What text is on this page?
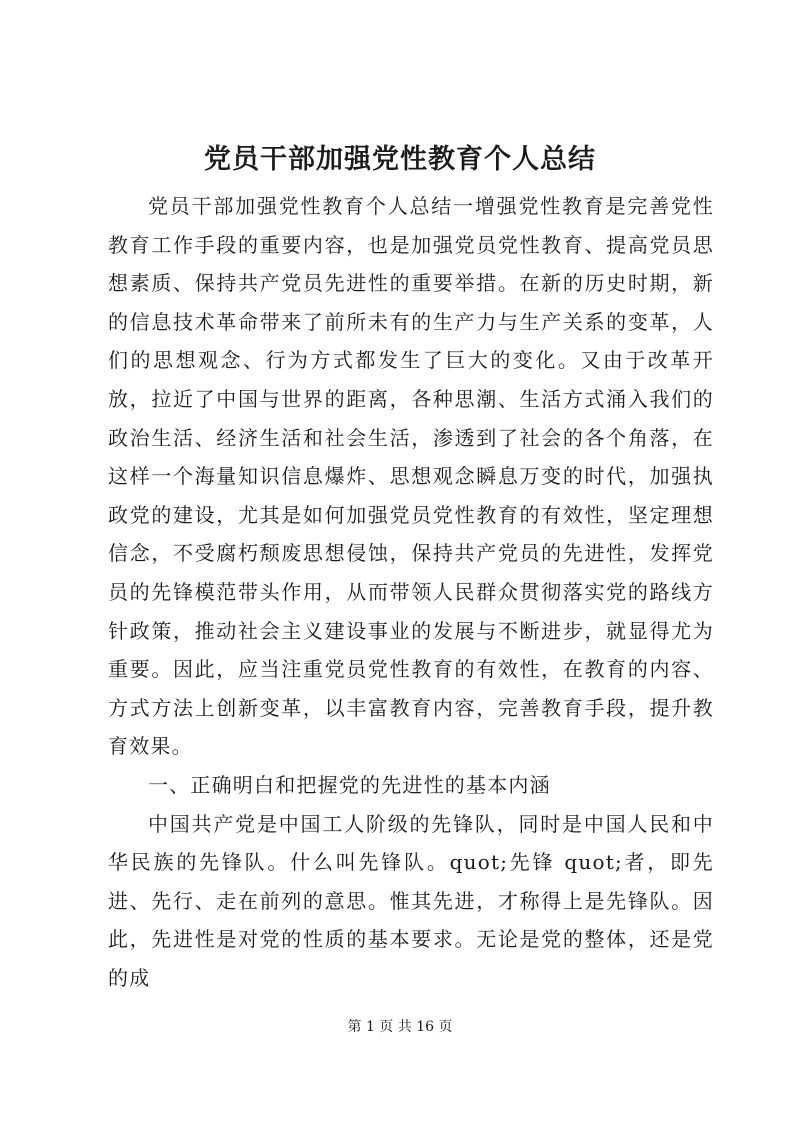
党员干部加强党性教育个人总结

党员干部加强党性教育个人总结一增强党性教育是完善党性教育工作手段的重要内容，也是加强党员党性教育、提高党员思想素质、保持共产党员先进性的重要举措。在新的历史时期，新的信息技术革命带来了前所未有的生产力与生产关系的变革，人们的思想观念、行为方式都发生了巨大的变化。又由于改革开放，拉近了中国与世界的距离，各种思潮、生活方式涌入我们的政治生活、经济生活和社会生活，渗透到了社会的各个角落，在这样一个海量知识信息爆炸、思想观念瞬息万变的时代，加强执政党的建设，尤其是如何加强党员党性教育的有效性，坚定理想信念，不受腐朽颓废思想侵蚀，保持共产党员的先进性，发挥党员的先锋模范带头作用，从而带领人民群众贯彻落实党的路线方针政策，推动社会主义建设事业的发展与不断进步，就显得尤为重要。因此，应当注重党员党性教育的有效性，在教育的内容、方式方法上创新变革，以丰富教育内容，完善教育手段，提升教育效果。

一、正确明白和把握党的先进性的基本内涵

中国共产党是中国工人阶级的先锋队，同时是中国人民和中华民族的先锋队。什么叫先锋队。quot;先锋 quot;者，即先进、先行、走在前列的意思。惟其先进，才称得上是先锋队。因此，先进性是对党的性质的基本要求。无论是党的整体，还是党的成

第 1 页 共 16 页
